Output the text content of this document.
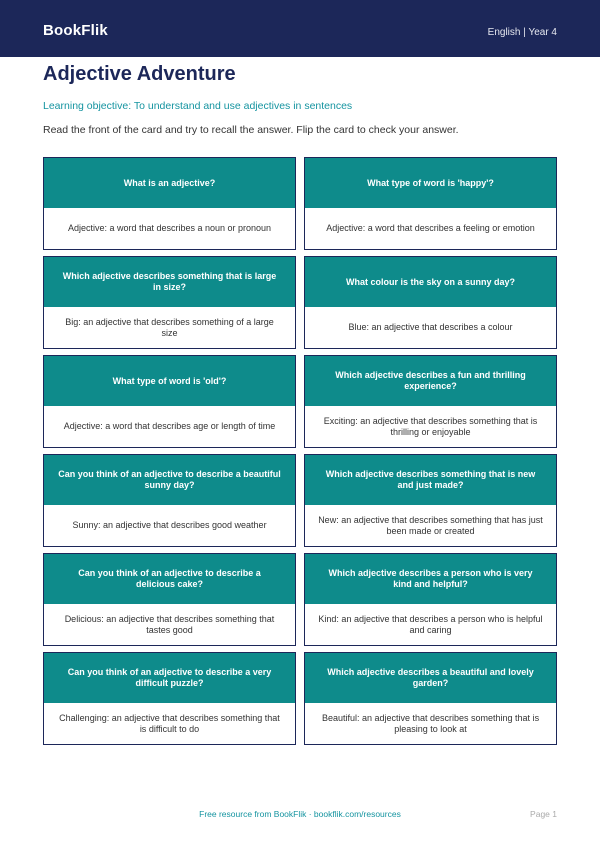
BookFlik	English | Year 4
Adjective Adventure
Learning objective: To understand and use adjectives in sentences
Read the front of the card and try to recall the answer. Flip the card to check your answer.
What is an adjective?
Adjective: a word that describes a noun or pronoun
What type of word is 'happy'?
Adjective: a word that describes a feeling or emotion
Which adjective describes something that is large in size?
Big: an adjective that describes something of a large size
What colour is the sky on a sunny day?
Blue: an adjective that describes a colour
What type of word is 'old'?
Adjective: a word that describes age or length of time
Which adjective describes a fun and thrilling experience?
Exciting: an adjective that describes something that is thrilling or enjoyable
Can you think of an adjective to describe a beautiful sunny day?
Sunny: an adjective that describes good weather
Which adjective describes something that is new and just made?
New: an adjective that describes something that has just been made or created
Can you think of an adjective to describe a delicious cake?
Delicious: an adjective that describes something that tastes good
Which adjective describes a person who is very kind and helpful?
Kind: an adjective that describes a person who is helpful and caring
Can you think of an adjective to describe a very difficult puzzle?
Challenging: an adjective that describes something that is difficult to do
Which adjective describes a beautiful and lovely garden?
Beautiful: an adjective that describes something that is pleasing to look at
Free resource from BookFlik · bookflik.com/resources	Page 1
